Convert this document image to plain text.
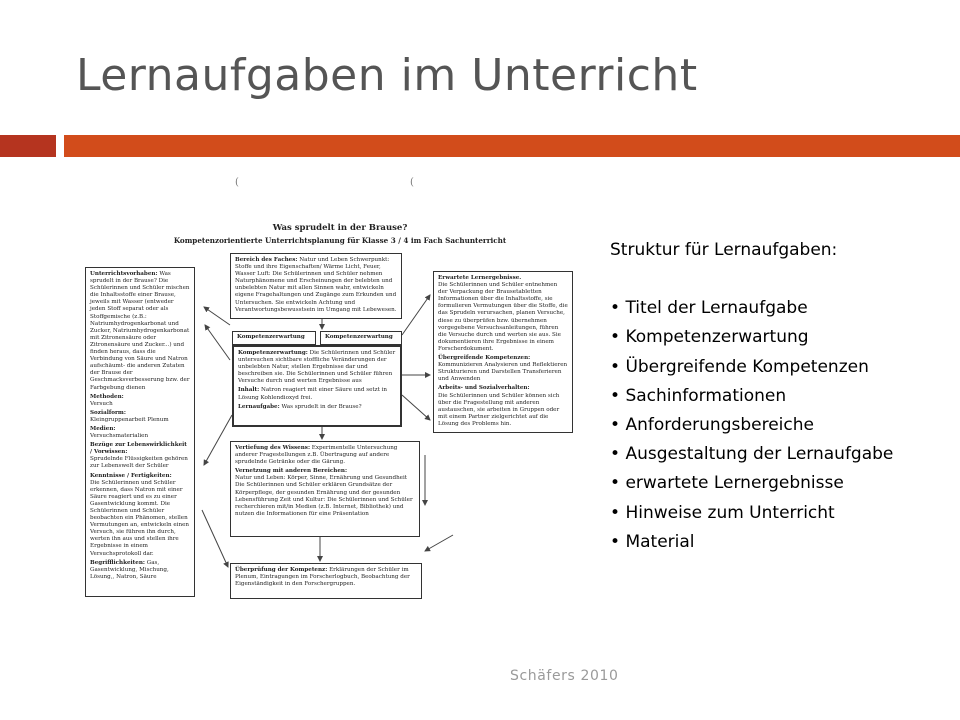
Lernaufgaben im Unterricht
(	(
Was sprudelt in der Brause?
Kompetenzorientierte Unterrichtsplanung für Klasse 3 / 4 im Fach Sachunterricht

Unterrichtsvorhaben: Was sprudelt in der Brause? Die Schülerinnen und Schüler mischen die Inhaltsstoffe einer Brause, jeweils mit Wasser (entweder jeden Stoff separat oder als Stoffgemische (z.B.: Natriumhydrogenkarbonat und Zucker, Natriumhydrogenkarbonat mit Zitronensäure oder Zitronensäure und Zucker...) und finden heraus, dass die Verbindung von Säure und Natron aufschäumt- die anderen Zutaten der Brause der Geschmacksverbesserung bzw. der Farbgebung dienen

Methoden:
Versuch

Sozialform:
Kleingruppenarbeit Plenum

Medien:
Versuchsmaterialien

Bezüge zur Lebenswirklichkeit / Vorwissen:
Sprudelnde Flüssigkeiten gehören zur Lebenswelt der Schüler

Kenntnisse / Fertigkeiten:
Die Schülerinnen und Schüler erkennen, dass Natron mit einer Säure reagiert und es zu einer Gasentwicklung kommt. Die Schülerinnen und Schüler beobachten ein Phänomen, stellen Vermutungen an, entwickeln einen Versuch, sie führen ihn durch, werten ihn aus und stellen ihre Ergebnisse in einem Versuchsprotokoll dar.

Begrifflichkeiten: Gas, Gasentwicklung, Mischung, Lösung,, Natron, Säure

Bereich des Faches: Natur und Leben Schwerpunkt: Stoffe und ihre Eigenschaften/ Wärme Licht, Feuer, Wasser Luft: Die Schülerinnen und Schüler nehmen Naturphänomene und Erscheinungen der belebten und unbelebten Natur mit allen Sinnen wahr, entwickeln eigene Fragehaltungen und Zugänge zum Erkunden und Untersuchen. Sie entwickeln Achtung und Verantwortungsbewusstsein im Umgang mit Lebewesen.

Kompetenzerwartung	Kompetenzerwartung

Kompetenzerwartung: Die Schülerinnen und Schüler untersuchen sichtbare stoffliche Veränderungen der unbelebten Natur, stellen Ergebnisse dar und beschreiben sie. Die Schülerinnen und Schüler führen Versuche durch und werten Ergebnisse aus

Inhalt: Natron reagiert mit einer Säure und setzt in Lösung Kohlendioxyd frei.

Lernaufgabe: Was sprudelt in der Brause?

Erwartete Lernergebnisse.
Die Schülerinnen und Schüler entnehmen der Verpackung der Brausetabletten Informationen über die Inhaltsstoffe, sie formulieren Vermutungen über die Stoffe, die das Sprudeln verursachen, planen Versuche, diese zu überprüfen bzw. übernehmen vorgegebene Versuchsanleitungen, führen die Versuche durch und werten sie aus. Sie dokumentieren ihre Ergebnisse in einem Forscherdokument.

Übergreifende Kompetenzen:
Kommunizieren Analysieren und Reflektieren Strukturieren und Darstellen Transferieren und Anwenden

Arbeits- und Sozialverhalten:
Die Schülerinnen und Schüler können sich über die Fragestellung mit anderen austauschen, sie arbeiten in Gruppen oder mit einem Partner zielgerichtet auf die Lösung des Problems hin.

Vertiefung des Wissens: Experimentelle Untersuchung anderer Fragestellungen z.B. Übertragung auf andere sprudelnde Getränke oder die Gärung.

Vernetzung mit anderen Bereichen:
Natur und Leben: Körper, Sinne, Ernährung und Gesundheit Die Schülerinnen und Schüler erklären Grundsätze der Körperpflege, der gesunden Ernährung und der gesunden Lebensführung Zeit und Kultur: Die Schülerinnen und Schüler recherchieren mit/in Medien (z.B. Internet, Bibliothek) und nutzen die Informationen für eine Präsentation

Überprüfung der Kompetenz: Erklärungen der Schüler im Plenum, Eintragungen im Forscherlogbuch, Beobachtung der Eigenständigkeit in den Forschergruppen.

Struktur für Lernaufgaben:
• Titel der Lernaufgabe
• Kompetenzerwartung
• Übergreifende Kompetenzen
• Sachinformationen
• Anforderungsbereiche
• Ausgestaltung der Lernaufgabe
• erwartete Lernergebnisse
• Hinweise zum Unterricht
• Material
Schäfers 2010
